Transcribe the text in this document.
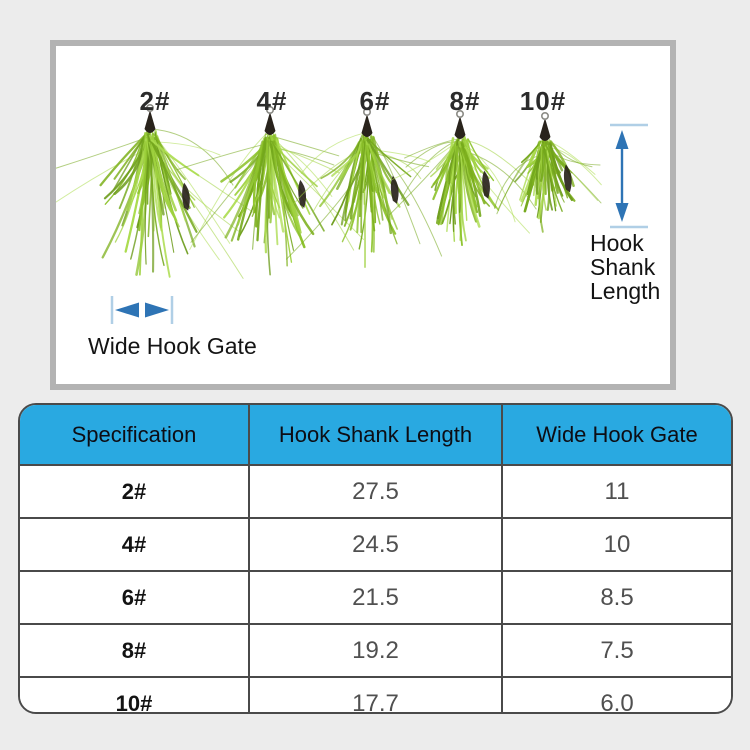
2#	4#	6# 8# 10#
Hook
Shank
Length
Wide Hook Gate
Specification	Hook Shank Length	Wide Hook Gate
2#	27.5	11
4#	24.5	10
6#	21.5	8.5
8#	19.2	7.5
10#	17.7	6.0
